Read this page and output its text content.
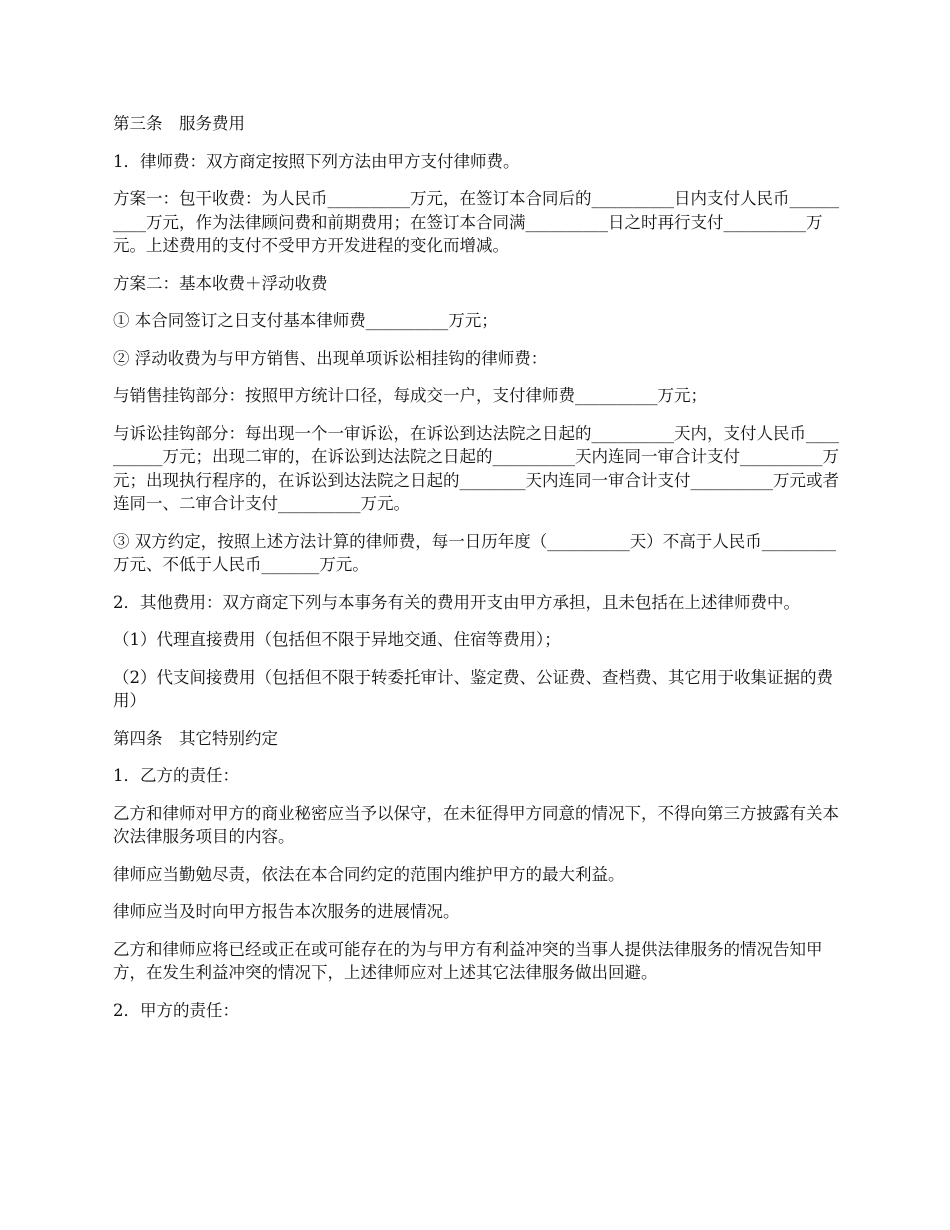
第三条　服务费用

1．律师费：双方商定按照下列方法由甲方支付律师费。

方案一：包干收费：为人民币__________万元，在签订本合同后的__________日内支付人民币__________万元，作为法律顾问费和前期费用；在签订本合同满__________日之时再行支付__________万元。上述费用的支付不受甲方开发进程的变化而增减。

方案二：基本收费＋浮动收费

① 本合同签订之日支付基本律师费__________万元；

② 浮动收费为与甲方销售、出现单项诉讼相挂钩的律师费：

与销售挂钩部分：按照甲方统计口径，每成交一户，支付律师费__________万元；

与诉讼挂钩部分：每出现一个一审诉讼，在诉讼到达法院之日起的__________天内，支付人民币__________万元；出现二审的，在诉讼到达法院之日起的__________天内连同一审合计支付__________万元；出现执行程序的，在诉讼到达法院之日起的________天内连同一审合计支付__________万元或者连同一、二审合计支付__________万元。

③ 双方约定，按照上述方法计算的律师费，每一日历年度（__________天）不高于人民币_________万元、不低于人民币_______万元。

2．其他费用：双方商定下列与本事务有关的费用开支由甲方承担，且未包括在上述律师费中。

（1）代理直接费用（包括但不限于异地交通、住宿等费用）；

（2）代支间接费用（包括但不限于转委托审计、鉴定费、公证费、查档费、其它用于收集证据的费用）

第四条　其它特别约定

1．乙方的责任：

乙方和律师对甲方的商业秘密应当予以保守，在未征得甲方同意的情况下，不得向第三方披露有关本次法律服务项目的内容。

律师应当勤勉尽责，依法在本合同约定的范围内维护甲方的最大利益。

律师应当及时向甲方报告本次服务的进展情况。

乙方和律师应将已经或正在或可能存在的为与甲方有利益冲突的当事人提供法律服务的情况告知甲方，在发生利益冲突的情况下，上述律师应对上述其它法律服务做出回避。

2．甲方的责任：
